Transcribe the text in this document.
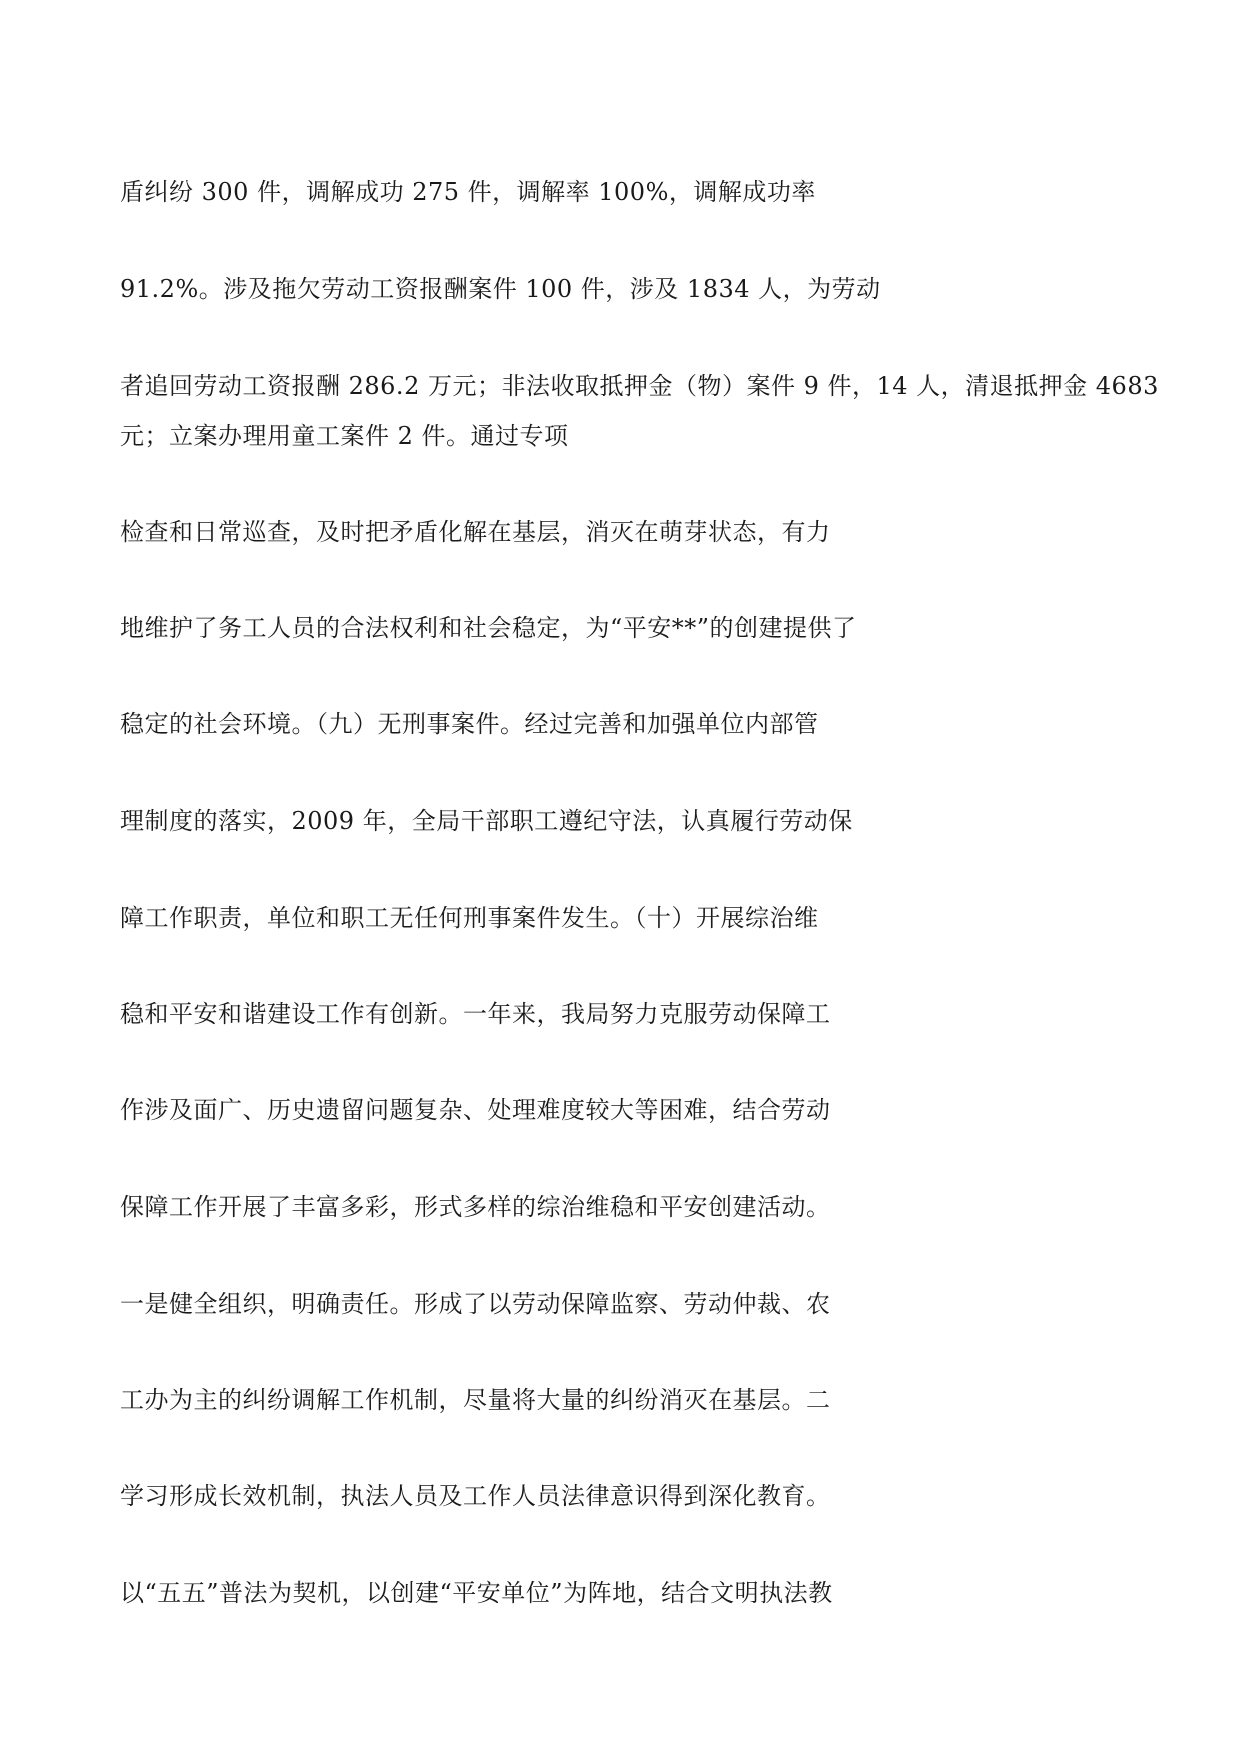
盾纠纷 300 件，调解成功 275 件，调解率 100%，调解成功率
91.2%。涉及拖欠劳动工资报酬案件 100 件，涉及 1834 人，为劳动
者追回劳动工资报酬 286.2 万元；非法收取抵押金（物）案件 9 件，14 人，清退抵押金 4683
元；立案办理用童工案件 2 件。通过专项
检查和日常巡查，及时把矛盾化解在基层，消灭在萌芽状态，有力
地维护了务工人员的合法权利和社会稳定，为“平安**”的创建提供了
稳定的社会环境。（九）无刑事案件。经过完善和加强单位内部管
理制度的落实，2009 年，全局干部职工遵纪守法，认真履行劳动保
障工作职责，单位和职工无任何刑事案件发生。（十）开展综治维
稳和平安和谐建设工作有创新。一年来，我局努力克服劳动保障工
作涉及面广、历史遗留问题复杂、处理难度较大等困难，结合劳动
保障工作开展了丰富多彩，形式多样的综治维稳和平安创建活动。
一是健全组织，明确责任。形成了以劳动保障监察、劳动仲裁、农
工办为主的纠纷调解工作机制，尽量将大量的纠纷消灭在基层。二
学习形成长效机制，执法人员及工作人员法律意识得到深化教育。
以“五五”普法为契机，以创建“平安单位”为阵地，结合文明执法教
